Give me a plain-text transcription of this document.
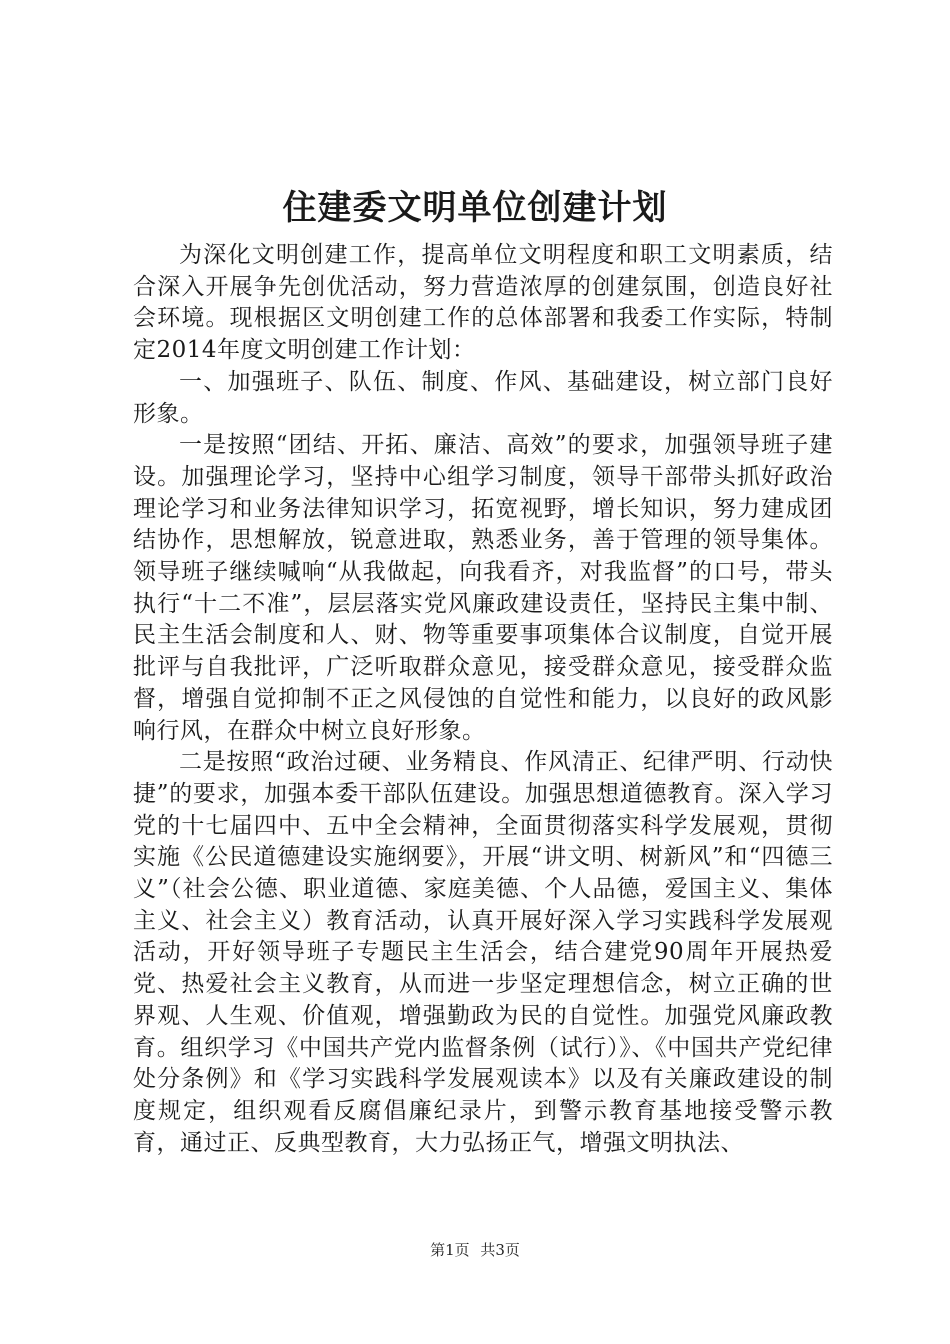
住建委文明单位创建计划

为深化文明创建工作，提高单位文明程度和职工文明素质，结合深入开展争先创优活动，努力营造浓厚的创建氛围，创造良好社会环境。现根据区文明创建工作的总体部署和我委工作实际，特制定2014年度文明创建工作计划：

一、加强班子、队伍、制度、作风、基础建设，树立部门良好形象。

一是按照“团结、开拓、廉洁、高效”的要求，加强领导班子建设。加强理论学习，坚持中心组学习制度，领导干部带头抓好政治理论学习和业务法律知识学习，拓宽视野，增长知识，努力建成团结协作，思想解放，锐意进取，熟悉业务，善于管理的领导集体。领导班子继续喊响“从我做起，向我看齐，对我监督”的口号，带头执行“十二不准”，层层落实党风廉政建设责任，坚持民主集中制、民主生活会制度和人、财、物等重要事项集体合议制度，自觉开展批评与自我批评，广泛听取群众意见，接受群众意见，接受群众监督，增强自觉抑制不正之风侵蚀的自觉性和能力，以良好的政风影响行风，在群众中树立良好形象。

二是按照“政治过硬、业务精良、作风清正、纪律严明、行动快捷”的要求，加强本委干部队伍建设。加强思想道德教育。深入学习党的十七届四中、五中全会精神，全面贯彻落实科学发展观，贯彻实施《公民道德建设实施纲要》，开展“讲文明、树新风”和“四德三义”（社会公德、职业道德、家庭美德、个人品德，爱国主义、集体主义、社会主义）教育活动，认真开展好深入学习实践科学发展观活动，开好领导班子专题民主生活会，结合建党90周年开展热爱党、热爱社会主义教育，从而进一步坚定理想信念，树立正确的世界观、人生观、价值观，增强勤政为民的自觉性。加强党风廉政教育。组织学习《中国共产党内监督条例（试行）》、《中国共产党纪律处分条例》和《学习实践科学发展观读本》以及有关廉政建设的制度规定，组织观看反腐倡廉纪录片，到警示教育基地接受警示教育，通过正、反典型教育，大力弘扬正气，增强文明执法、

第1页 共3页
